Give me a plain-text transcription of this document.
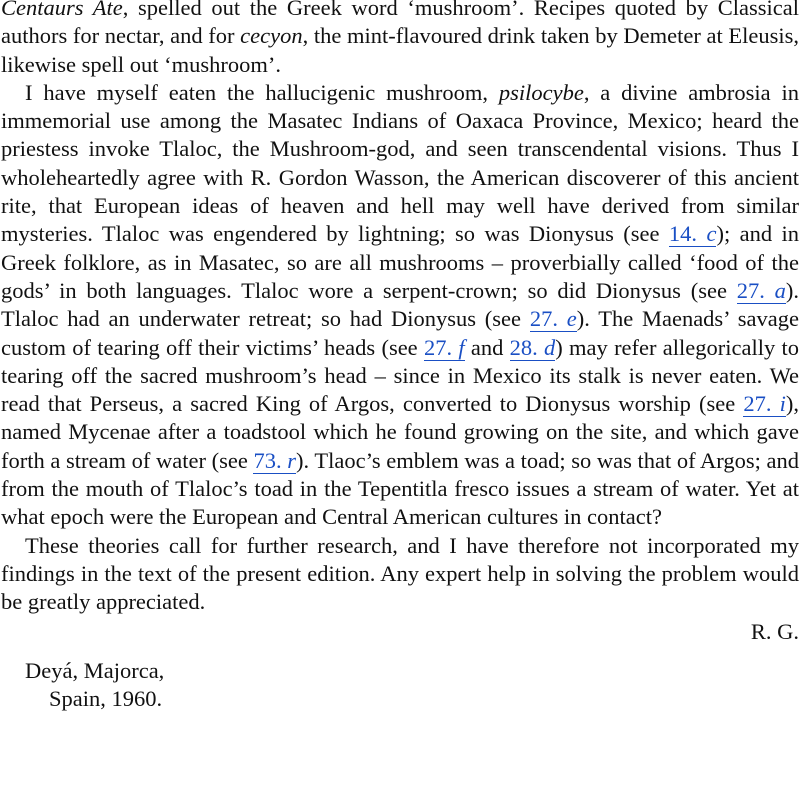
Centaurs Ate, spelled out the Greek word ‘mushroom’. Recipes quoted by Classical authors for nectar, and for cecyon, the mint-flavoured drink taken by Demeter at Eleusis, likewise spell out ‘mushroom’.

I have myself eaten the hallucigenic mushroom, psilocybe, a divine ambrosia in immemorial use among the Masatec Indians of Oaxaca Province, Mexico; heard the priestess invoke Tlaloc, the Mushroom-god, and seen transcendental visions. Thus I wholeheartedly agree with R. Gordon Wasson, the American discoverer of this ancient rite, that European ideas of heaven and hell may well have derived from similar mysteries. Tlaloc was engendered by lightning; so was Dionysus (see 14. c); and in Greek folklore, as in Masatec, so are all mushrooms – proverbially called ‘food of the gods’ in both languages. Tlaloc wore a serpent-crown; so did Dionysus (see 27. a). Tlaloc had an underwater retreat; so had Dionysus (see 27. e). The Maenads’ savage custom of tearing off their victims’ heads (see 27. f and 28. d) may refer allegorically to tearing off the sacred mushroom’s head – since in Mexico its stalk is never eaten. We read that Perseus, a sacred King of Argos, converted to Dionysus worship (see 27. i), named Mycenae after a toadstool which he found growing on the site, and which gave forth a stream of water (see 73. r). Tlaoc’s emblem was a toad; so was that of Argos; and from the mouth of Tlaloc’s toad in the Tepentitla fresco issues a stream of water. Yet at what epoch were the European and Central American cultures in contact?

These theories call for further research, and I have therefore not incorporated my findings in the text of the present edition. Any expert help in solving the problem would be greatly appreciated.

R. G.

Deyá, Majorca,

Spain, 1960.
